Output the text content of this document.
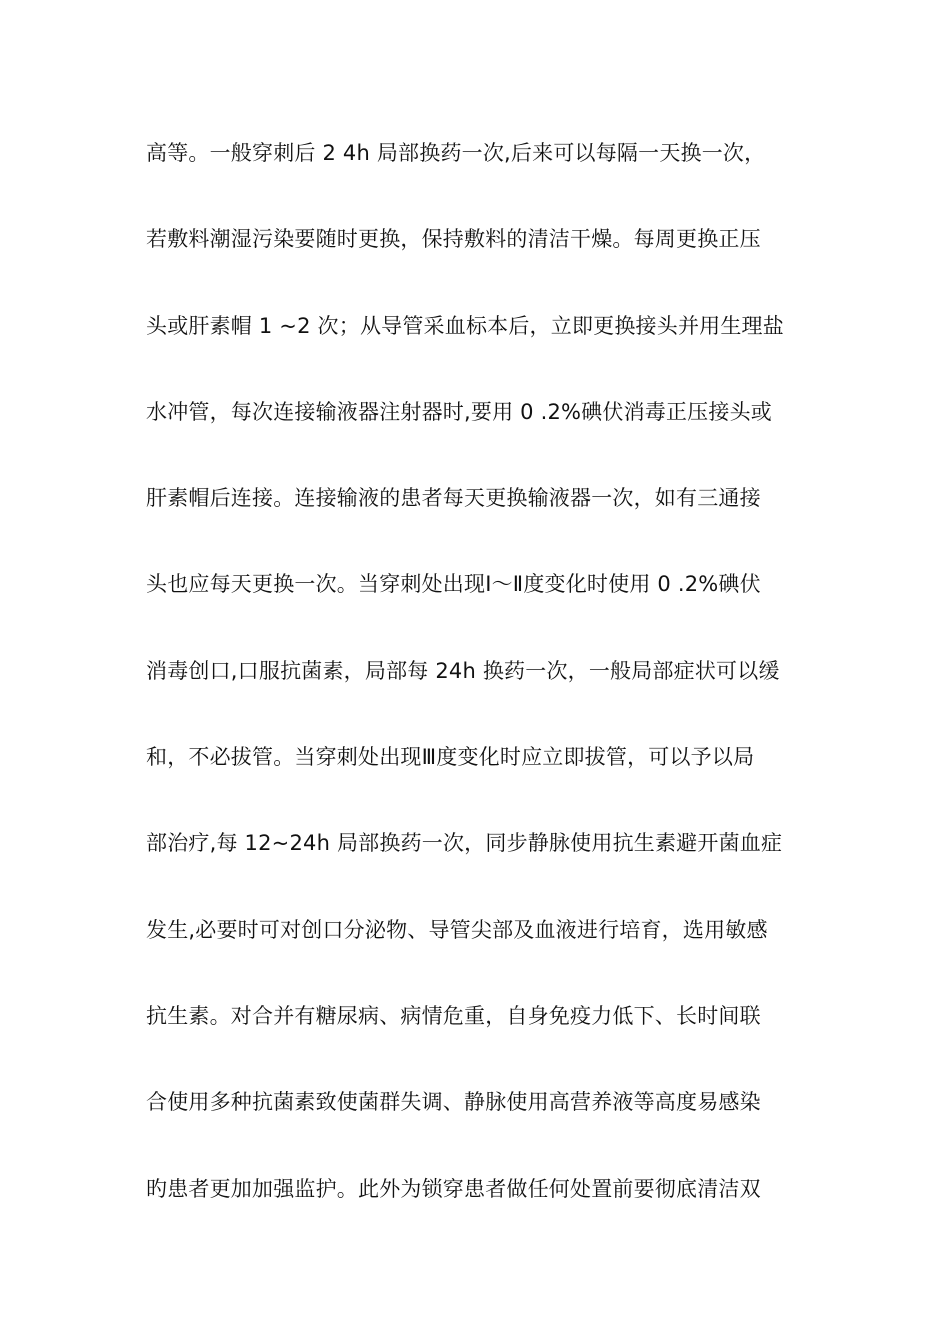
高等。一般穿刺后 2 4h 局部换药一次,后来可以每隔一天换一次，
若敷料潮湿污染要随时更换，保持敷料的清洁干燥。每周更换正压
头或肝素帽 1 ~2 次；从导管采血标本后，立即更换接头并用生理盐
水冲管，每次连接输液器注射器时,要用 0 .2%碘伏消毒正压接头或
肝素帽后连接。连接输液的患者每天更换输液器一次，如有三通接
头也应每天更换一次。当穿刺处出现Ⅰ～Ⅱ度变化时使用 0 .2%碘伏
消毒创口,口服抗菌素，局部每 24h 换药一次，一般局部症状可以缓
和，不必拔管。当穿刺处出现Ⅲ度变化时应立即拔管，可以予以局
部治疗,每 12~24h 局部换药一次，同步静脉使用抗生素避开菌血症
发生,必要时可对创口分泌物、导管尖部及血液进行培育，选用敏感
抗生素。对合并有糖尿病、病情危重，自身免疫力低下、长时间联
合使用多种抗菌素致使菌群失调、静脉使用高营养液等高度易感染
旳患者更加加强监护。此外为锁穿患者做任何处置前要彻底清洁双
